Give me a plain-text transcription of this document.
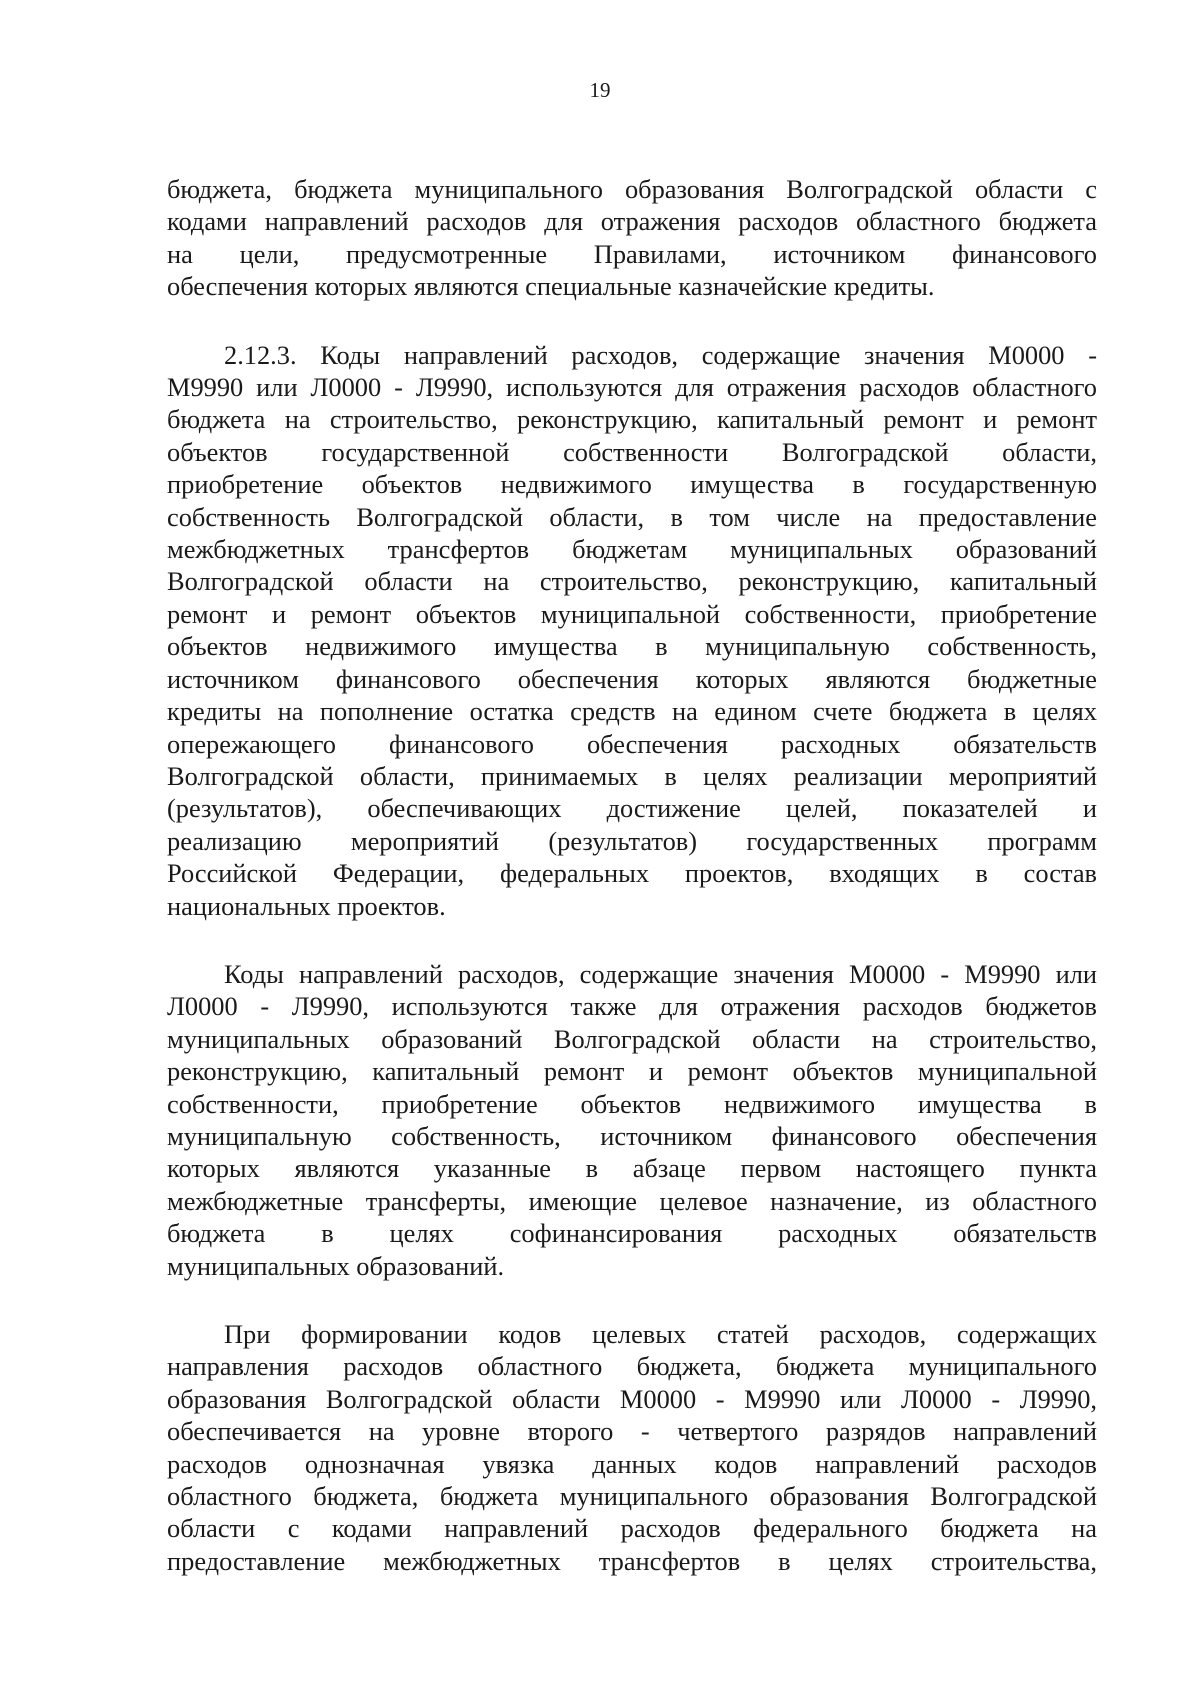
19
бюджета, бюджета муниципального образования Волгоградской области с
кодами направлений расходов для отражения расходов областного бюджета
на цели, предусмотренные Правилами, источником финансового
обеспечения которых являются специальные казначейские кредиты.
2.12.3. Коды направлений расходов, содержащие значения М0000 -
М9990 или Л0000 - Л9990, используются для отражения расходов областного
бюджета на строительство, реконструкцию, капитальный ремонт и ремонт
объектов государственной собственности Волгоградской области,
приобретение объектов недвижимого имущества в государственную
собственность Волгоградской области, в том числе на предоставление
межбюджетных трансфертов бюджетам муниципальных образований
Волгоградской области на строительство, реконструкцию, капитальный
ремонт и ремонт объектов муниципальной собственности, приобретение
объектов недвижимого имущества в муниципальную собственность,
источником финансового обеспечения которых являются бюджетные
кредиты на пополнение остатка средств на едином счете бюджета в целях
опережающего финансового обеспечения расходных обязательств
Волгоградской области, принимаемых в целях реализации мероприятий
(результатов), обеспечивающих достижение целей, показателей и
реализацию мероприятий (результатов) государственных программ
Российской Федерации, федеральных проектов, входящих в состав
национальных проектов.
Коды направлений расходов, содержащие значения М0000 - М9990 или
Л0000 - Л9990, используются также для отражения расходов бюджетов
муниципальных образований Волгоградской области на строительство,
реконструкцию, капитальный ремонт и ремонт объектов муниципальной
собственности, приобретение объектов недвижимого имущества в
муниципальную собственность, источником финансового обеспечения
которых являются указанные в абзаце первом настоящего пункта
межбюджетные трансферты, имеющие целевое назначение, из областного
бюджета в целях софинансирования расходных обязательств
муниципальных образований.
При формировании кодов целевых статей расходов, содержащих
направления расходов областного бюджета, бюджета муниципального
образования Волгоградской области М0000 - М9990 или Л0000 - Л9990,
обеспечивается на уровне второго - четвертого разрядов направлений
расходов однозначная увязка данных кодов направлений расходов
областного бюджета, бюджета муниципального образования Волгоградской
области с кодами направлений расходов федерального бюджета на
предоставление межбюджетных трансфертов в целях строительства,
